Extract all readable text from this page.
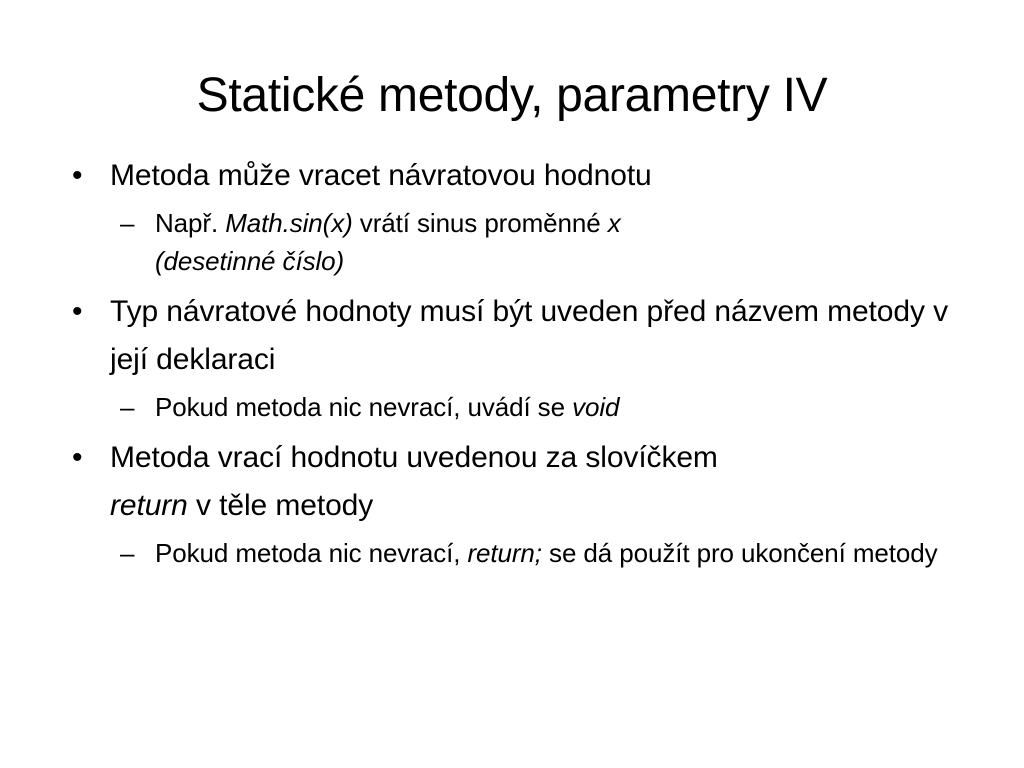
Statické metody, parametry IV
• Metoda může vracet návratovou hodnotu
– Např. Math.sin(x) vrátí sinus proměnné x
(desetinné číslo)
• Typ návratové hodnoty musí být uveden před názvem metody v její deklaraci
– Pokud metoda nic nevrací, uvádí se void
• Metoda vrací hodnotu uvedenou za slovíčkem
return v těle metody
– Pokud metoda nic nevrací, return; se dá použít pro ukončení metody
